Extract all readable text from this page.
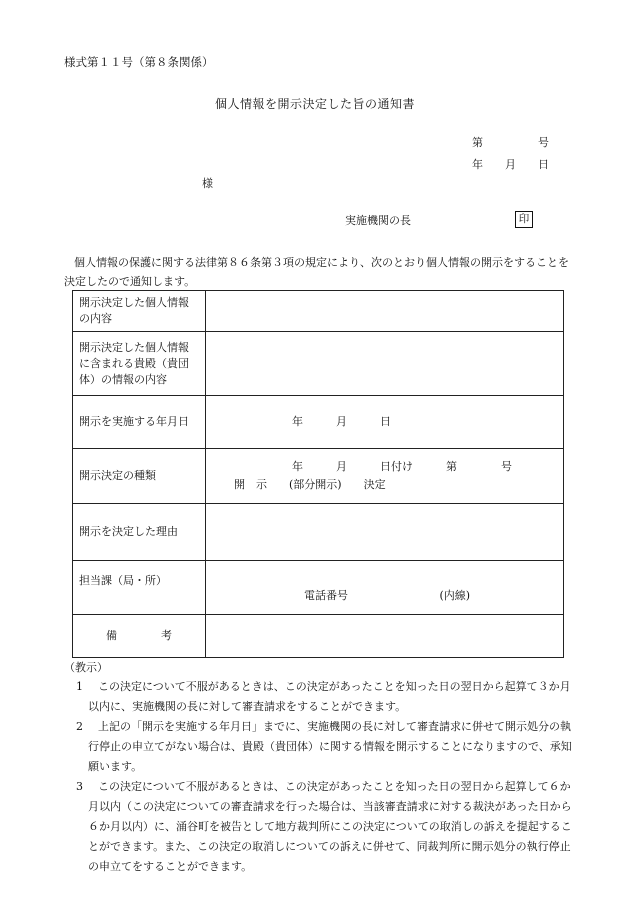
様式第１１号（第８条関係）
個人情報を開示決定した旨の通知書
第　　　　　号
年　　月　　日
様
実施機関の長	印
個人情報の保護に関する法律第８６条第３項の規定により、次のとおり個人情報の開示をすることを決定したので通知します。
開示決定した個人情報の内容	
開示決定した個人情報に含まれる貴殿（貴団体）の情報の内容	
開示を実施する年月日	年　　　月　　　日
開示決定の種類	年　　　月　　　日付け　　　第　　　　号
開　示　　(部分開示)　　決定

開示を決定した理由	
担当課（局・所）	電話番号 (内線)
備　　　　考	
（教示）
1	この決定について不服があるときは、この決定があったことを知った日の翌日から起算て３か月以内に、実施機関の長に対して審査請求をすることができます。
2	上記の「開示を実施する年月日」までに、実施機関の長に対して審査請求に併せて開示処分の執行停止の申立てがない場合は、貴殿（貴団体）に関する情報を開示することになりますので、承知願います。
3	この決定について不服があるときは、この決定があったことを知った日の翌日から起算して６か月以内（この決定についての審査請求を行った場合は、当該審査請求に対する裁決があった日から６か月以内）に、涌谷町を被告として地方裁判所にこの決定についての取消しの訴えを提起することができます。また、この決定の取消しについての訴えに併せて、同裁判所に開示処分の執行停止の申立てをすることができます。
